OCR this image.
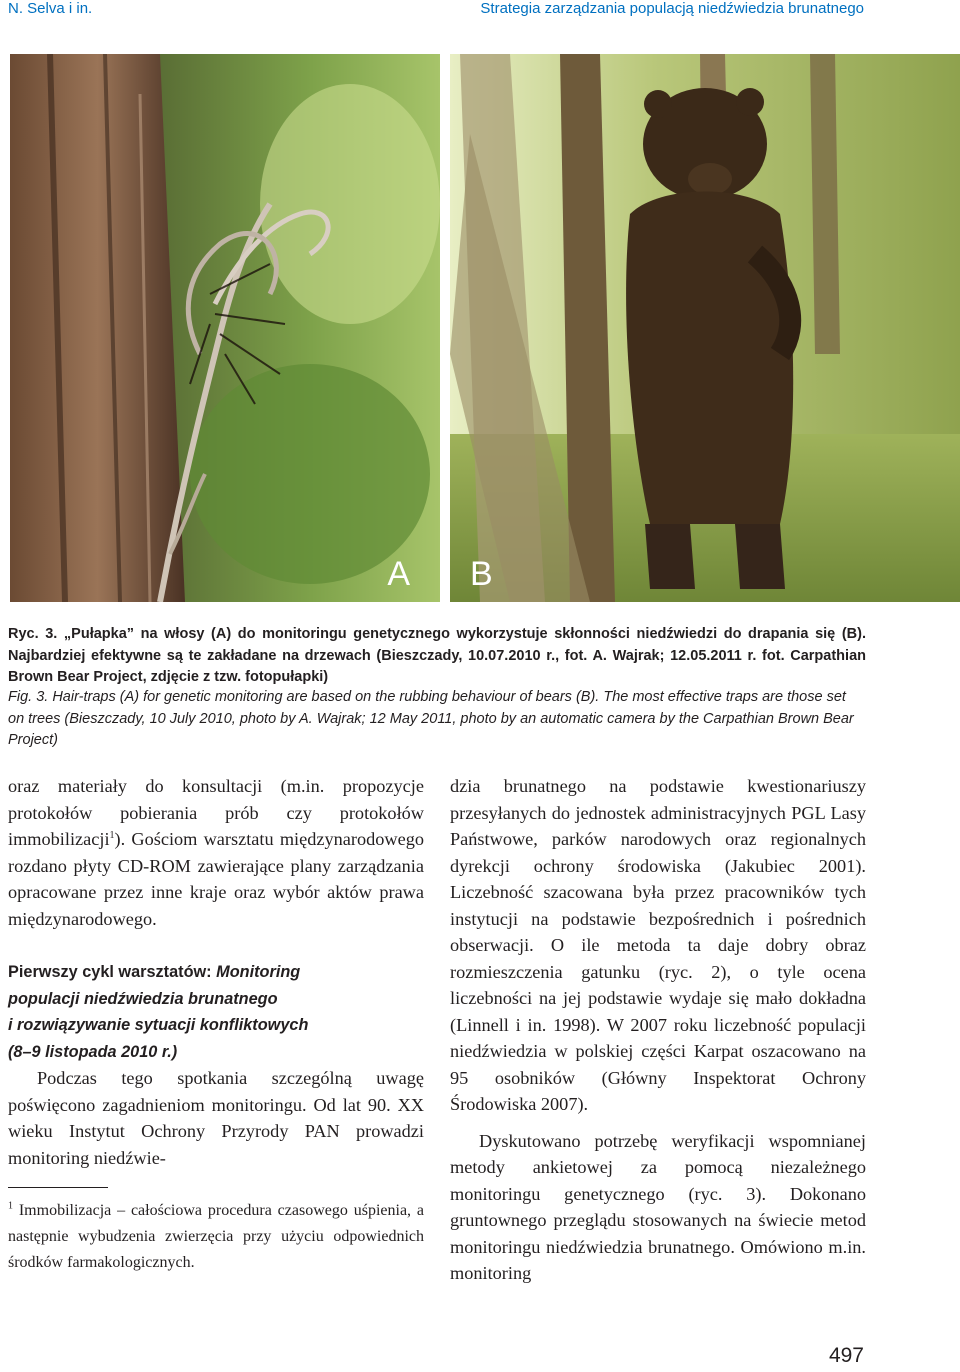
N. Selva i in.	Strategia zarządzania populacją niedźwiedzia brunatnego
A B
Ryc. 3. „Pułapka” na włosy (A) do monitoringu genetycznego wykorzystuje skłonności niedźwiedzi do drapania się (B). Najbardziej efektywne są te zakładane na drzewach (Bieszczady, 10.07.2010 r., fot. A. Wajrak; 12.05.2011 r. fot. Carpathian Brown Bear Project, zdjęcie z tzw. fotopułapki)
Fig. 3. Hair-traps (A) for genetic monitoring are based on the rubbing behaviour of bears (B). The most effective traps are those set on trees (Bieszczady, 10 July 2010, photo by A. Wajrak; 12 May 2011, photo by an automatic camera by the Carpathian Brown Bear Project)

oraz materiały do konsultacji (m.in. propozycje protokołów pobierania prób czy protokołów immobilizacji$^1$). Gościom warsztatu międzynarodowego rozdano płyty CD-ROM zawierające plany zarządzania opracowane przez inne kraje oraz wybór aktów prawa międzynarodowego.

Pierwszy cykl warsztatów: Monitoring
populacji niedźwiedzia brunatnego
i rozwiązywanie sytuacji konfliktowych
(8–9 listopada 2010 r.)

Podczas tego spotkania szczególną uwagę poświęcono zagadnieniom monitoringu. Od lat 90. XX wieku Instytut Ochrony Przyrody PAN prowadzi monitoring niedźwie-

$^1$ Immobilizacja – całościowa procedura czasowego uśpienia, a następnie wybudzenia zwierzęcia przy użyciu odpowiednich środków farmakologicznych.

dzia brunatnego na podstawie kwestionariuszy przesyłanych do jednostek administracyjnych PGL Lasy Państwowe, parków narodowych oraz regionalnych dyrekcji ochrony środowiska (Jakubiec 2001). Liczebność szacowana była przez pracowników tych instytucji na podstawie bezpośrednich i pośrednich obserwacji. O ile metoda ta daje dobry obraz rozmieszczenia gatunku (ryc. 2), o tyle ocena liczebności na jej podstawie wydaje się mało dokładna (Linnell i in. 1998). W 2007 roku liczebność populacji niedźwiedzia w polskiej części Karpat oszacowano na 95 osobników (Główny Inspektorat Ochrony Środowiska 2007).

Dyskutowano potrzebę weryfikacji wspomnianej metody ankietowej za pomocą niezależnego monitoringu genetycznego (ryc. 3). Dokonano gruntownego przeglądu stosowanych na świecie metod monitoringu niedźwiedzia brunatnego. Omówiono m.in. monitoring

497
